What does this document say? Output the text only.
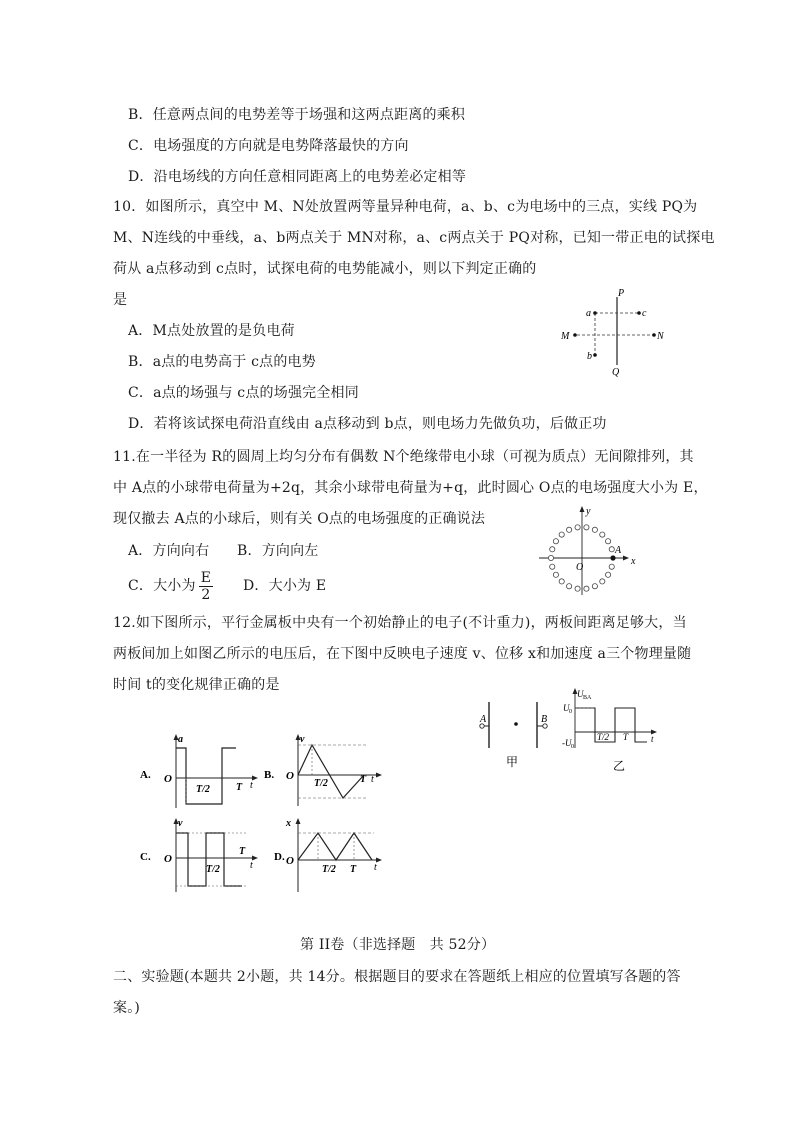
B．任意两点间的电势差等于场强和这两点距离的乘积
C．电场强度的方向就是电势降落最快的方向
D．沿电场线的方向任意相同距离上的电势差必定相等
10．如图所示，真空中 M、N处放置两等量异种电荷，a、b、c为电场中的三点，实线 PQ为
M、N连线的中垂线，a、b两点关于 MN对称，a、c两点关于 PQ对称，已知一带正电的试探电
荷从 a点移动到 c点时，试探电荷的电势能减小，则以下判定正确的
是
A．M点处放置的是负电荷
B．a点的电势高于 c点的电势
C．a点的场强与 c点的场强完全相同
D．若将该试探电荷沿直线由 a点移动到 b点，则电场力先做负功，后做正功
P
Q
M	N
a	c
b
11.在一半径为 R的圆周上均匀分布有偶数 N个绝缘带电小球（可视为质点）无间隙排列，其
中 A点的小球带电荷量为+2q，其余小球带电荷量为+q，此时圆心 O点的电场强度大小为 E，
现仅撤去 A点的小球后，则有关 O点的电场强度的正确说法
A．方向向右 B．方向向左
C．大小为 $\frac{E}{2}$ D．大小为 E
y
x
O
A
12.如下图所示，平行金属板中央有一个初始静止的电子(不计重力)，两板间距离足够大，当
两板间加上如图乙所示的电压后，在下图中反映电子速度 v、位移 x和加速度 a三个物理量随
时间 t的变化规律正确的是
A	B
甲
U BA
U 0
-U 0
T/2 T	t
乙
A.
a
O
T/2	T t
B.
v
O
T/2	T t
C.
v
O
T/2
T
t
D.
x
O
T/2 T t
第 II卷（非选择题　共 52分）
二、实验题(本题共 2小题，共 14分。根据题目的要求在答题纸上相应的位置填写各题的答
案。)
